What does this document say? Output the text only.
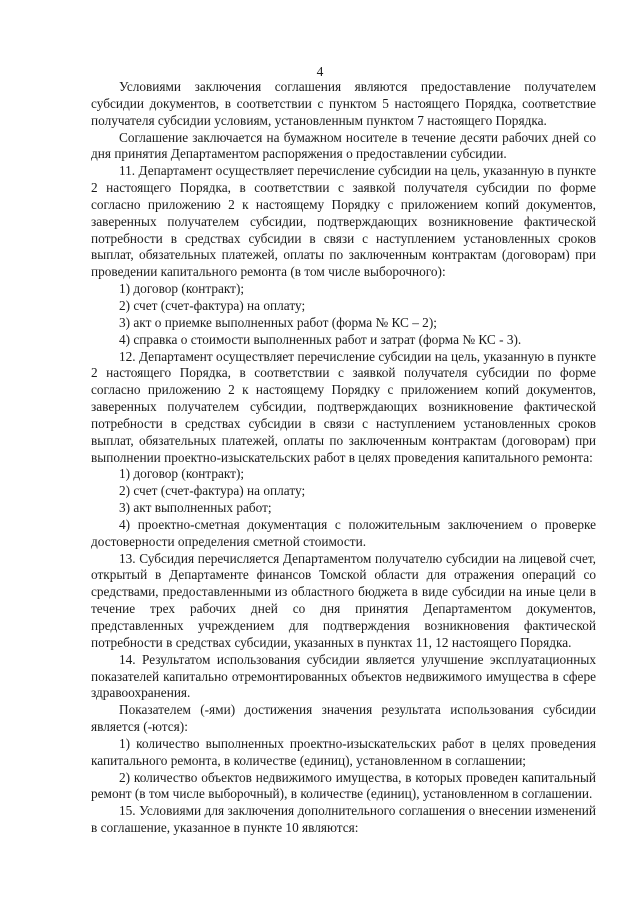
4

Условиями заключения соглашения являются предоставление получателем субсидии документов, в соответствии с пунктом 5 настоящего Порядка, соответствие получателя субсидии условиям, установленным пунктом 7 настоящего Порядка.

Соглашение заключается на бумажном носителе в течение десяти рабочих дней со дня принятия Департаментом распоряжения о предоставлении субсидии.

11. Департамент осуществляет перечисление субсидии на цель, указанную в пункте 2 настоящего Порядка, в соответствии с заявкой получателя субсидии по форме согласно приложению 2 к настоящему Порядку с приложением копий документов, заверенных получателем субсидии, подтверждающих возникновение фактической потребности в средствах субсидии в связи с наступлением установленных сроков выплат, обязательных платежей, оплаты по заключенным контрактам (договорам) при проведении капитального ремонта (в том числе выборочного):

1) договор (контракт);

2) счет (счет-фактура) на оплату;

3) акт о приемке выполненных работ (форма № КС – 2);

4) справка о стоимости выполненных работ и затрат (форма № КС - 3).

12. Департамент осуществляет перечисление субсидии на цель, указанную в пункте 2 настоящего Порядка, в соответствии с заявкой получателя субсидии по форме согласно приложению 2 к настоящему Порядку с приложением копий документов, заверенных получателем субсидии, подтверждающих возникновение фактической потребности в средствах субсидии в связи с наступлением установленных сроков выплат, обязательных платежей, оплаты по заключенным контрактам (договорам) при выполнении проектно-изыскательских работ в целях проведения капитального ремонта:

1) договор (контракт);

2) счет (счет-фактура) на оплату;

3) акт выполненных работ;

4) проектно-сметная документация с положительным заключением о проверке достоверности определения сметной стоимости.

13. Субсидия перечисляется Департаментом получателю субсидии на лицевой счет, открытый в Департаменте финансов Томской области для отражения операций со средствами, предоставленными из областного бюджета в виде субсидии на иные цели в течение трех рабочих дней со дня принятия Департаментом документов, представленных учреждением для подтверждения возникновения фактической потребности в средствах субсидии, указанных в пунктах 11, 12 настоящего Порядка.

14. Результатом использования субсидии является улучшение эксплуатационных показателей капитально отремонтированных объектов недвижимого имущества в сфере здравоохранения.

Показателем (-ями) достижения значения результата использования субсидии является (-ются):

1) количество выполненных проектно-изыскательских работ в целях проведения капитального ремонта, в количестве (единиц), установленном в соглашении;

2) количество объектов недвижимого имущества, в которых проведен капитальный ремонт (в том числе выборочный), в количестве (единиц), установленном в соглашении.

15. Условиями для заключения дополнительного соглашения о внесении изменений в соглашение, указанное в пункте 10 являются:
